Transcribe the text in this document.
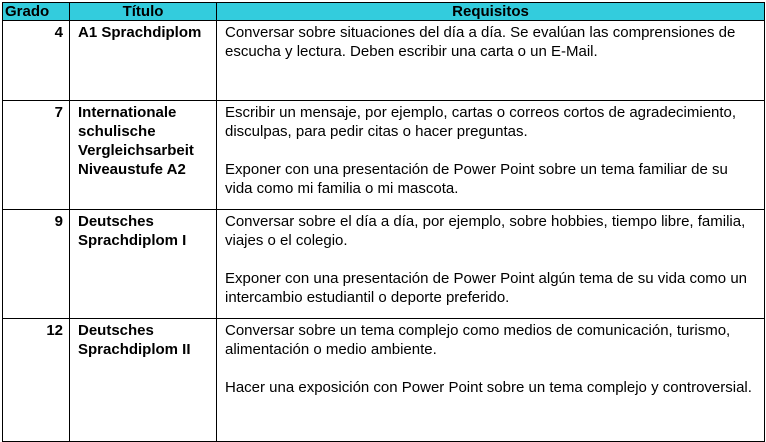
Grado	Título	Requisitos
4	A1 Sprachdiplom	Conversar sobre situaciones del día a día. Se evalúan las comprensiones de escucha y lectura. Deben escribir una carta o un E-Mail.

7	Internationale schulische Vergleichsarbeit Niveaustufe A2	Escribir un mensaje, por ejemplo, cartas o correos cortos de agradecimiento, disculpas, para pedir citas o hacer preguntas.

Exponer con una presentación de Power Point sobre un tema familiar de su vida como mi familia o mi mascota.

9	Deutsches Sprachdiplom I	Conversar sobre el día a día, por ejemplo, sobre hobbies, tiempo libre, familia, viajes o el colegio.

Exponer con una presentación de Power Point algún tema de su vida como un intercambio estudiantil o deporte preferido.

12	Deutsches Sprachdiplom II	Conversar sobre un tema complejo como medios de comunicación, turismo, alimentación o medio ambiente.

Hacer una exposición con Power Point sobre un tema complejo y controversial.
